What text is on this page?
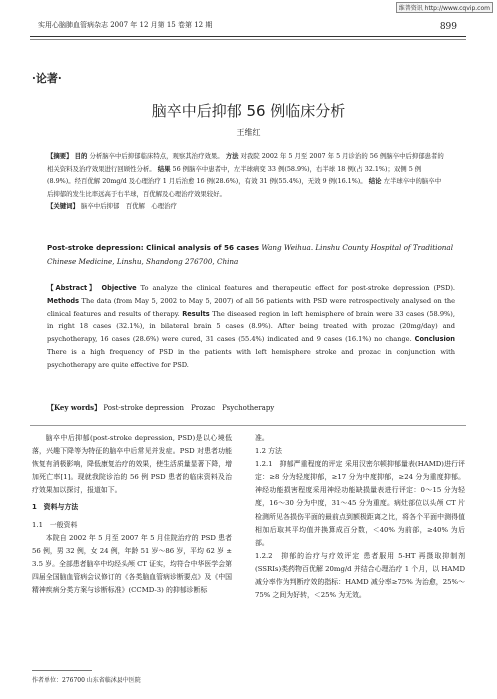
维普资讯 http://www.cqvip.com
实用心脑肺血管病杂志 2007 年 12 月第 15 卷第 12 期	899
·论著·
脑卒中后抑郁 56 例临床分析
王维红
【摘要】 目的 分析脑卒中后抑郁临床特点，观察其治疗效果。 方法 对我院 2002 年 5 月至 2007 年 5 月诊治的 56 例脑卒中后抑郁患者的相关资料及治疗效果进行回顾性分析。 结果 56 例脑卒中患者中，左半球病变 33 例(58.9%)，右半球 18 例(占 32.1%)；双侧 5 例(8.9%)。经百优解 20mg/d 及心理治疗 1 月后治愈 16 例(28.6%)，有效 31 例(55.4%)，无效 9 例(16.1%)。 结论 左半球卒中的脑卒中后抑郁的发生比率远高于右半球，百优解及心理治疗效果较好。
【关键词】 脑卒中后抑郁　百优解　心理治疗
Post-stroke depression: Clinical analysis of 56 cases Wang Weihua. Linshu County Hospital of Traditional Chinese Medicine, Linshu, Shandong 276700, China
【Abstract】 Objective To analyze the clinical features and therapeutic effect for post-stroke depression (PSD). Methods The data (from May 5, 2002 to May 5, 2007) of all 56 patients with PSD were retrospectively analysed on the clinical features and results of therapy. Results The diseased region in left hemisphere of brain were 33 cases (58.9%), in right 18 cases (32.1%), in bilateral brain 5 cases (8.9%). After being treated with prozac (20mg/day) and psychotherapy, 16 cases (28.6%) were cured, 31 cases (55.4%) indicated and 9 cases (16.1%) no change. Conclusion There is a high frequency of PSD in the patients with left hemisphere stroke and prozac in conjunction with psychotherapy are quite effective for PSD.
【Key words】 Post-stroke depression　Prozac　Psychotherapy

脑卒中后抑郁(post-stroke depression, PSD)是以心境低落，兴趣下降等为特征的脑卒中后常见并发症。PSD 对患者功能恢复有消极影响，降低康复治疗的效果，使生活质量显著下降，增加死亡率[1]。现就我院诊治的 56 例 PSD 患者的临床资料及治疗效果加以探讨，报道如下。

1　资料与方法

1.1　一般资料

本院自 2002 年 5 月至 2007 年 5 月住院治疗的 PSD 患者 56 例，男 32 例，女 24 例，年龄 51 岁～86 岁，平均 62 岁 ± 3.5 岁。全部患者脑卒中均经头颅 CT 证实，均符合中华医学会第四届全国脑血管病会议修订的《各类脑血管病诊断要点》及《中国精神疾病分类方案与诊断标准》(CCMD-3) 的抑郁诊断标

准。

1.2 方法

1.2.1　抑郁严重程度的评定 采用汉密尔顿抑郁量表(HAMD)进行评定：≥8 分为轻度抑郁，≥17 分为中度抑郁，≥24 分为重度抑郁。神经功能损害程度采用神经功能缺损量表进行评定：0～15 分为轻度，16～30 分为中度，31～45 分为重度。病灶部位以头颅 CT 片检测所见各损伤平面的最前点到额极距离之比，将各个平面中测得值相加后取其平均值并换算成百分数，＜40% 为前部，≥40% 为后部。

1.2.2　抑郁的治疗与疗效评定 患者服用 5-HT 再摄取抑制剂(SSRIs)类药物百优解 20mg/d 并结合心理治疗 1 个月，以 HAMD 减分率作为判断疗效的指标：HAMD 减分率≥75% 为治愈，25%～75% 之间为好转，＜25% 为无效。

作者单位：276700 山东省临沭县中医院
